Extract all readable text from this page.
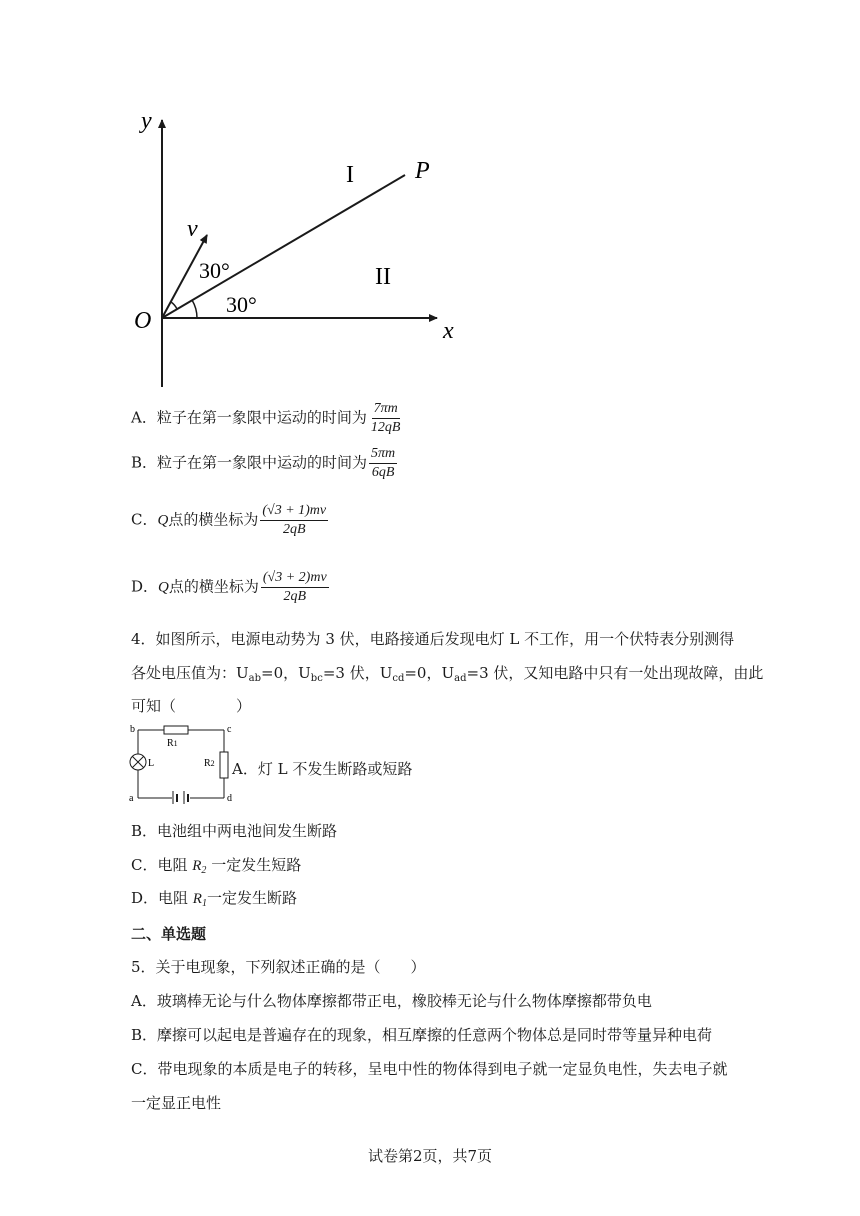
y
x
O
v
30°
30°
I
II
P
A．粒子在第一象限中运动的时间为 $\frac{7\pi m}{12qB}$
B．粒子在第一象限中运动的时间为 $\frac{5\pi m}{6qB}$
C．Q点的横坐标为 $\frac{(√3 + 1)mv}{2qB}$
D．Q点的横坐标为 $\frac{(√3 + 2)mv}{2qB}$
4．如图所示，电源电动势为 3 伏，电路接通后发现电灯 L 不工作，用一个伏特表分别测得
各处电压值为：$U_{ab}=0$，$U_{bc}=3$ 伏，$U_{cd}=0$，$U_{ad}=3$ 伏，又知电路中只有一处出现故障，由此
可知（　　　　）
b	c
a	d
L
R1
R2 A．灯 L 不发生断路或短路
B．电池组中两电池间发生断路
C．电阻 $R_2$ 一定发生短路
D．电阻 $R_1$一定发生断路
二、单选题
5．关于电现象，下列叙述正确的是（　　）
A．玻璃棒无论与什么物体摩擦都带正电，橡胶棒无论与什么物体摩擦都带负电
B．摩擦可以起电是普遍存在的现象，相互摩擦的任意两个物体总是同时带等量异种电荷
C．带电现象的本质是电子的转移，呈电中性的物体得到电子就一定显负电性，失去电子就
一定显正电性
试卷第2页，共7页
